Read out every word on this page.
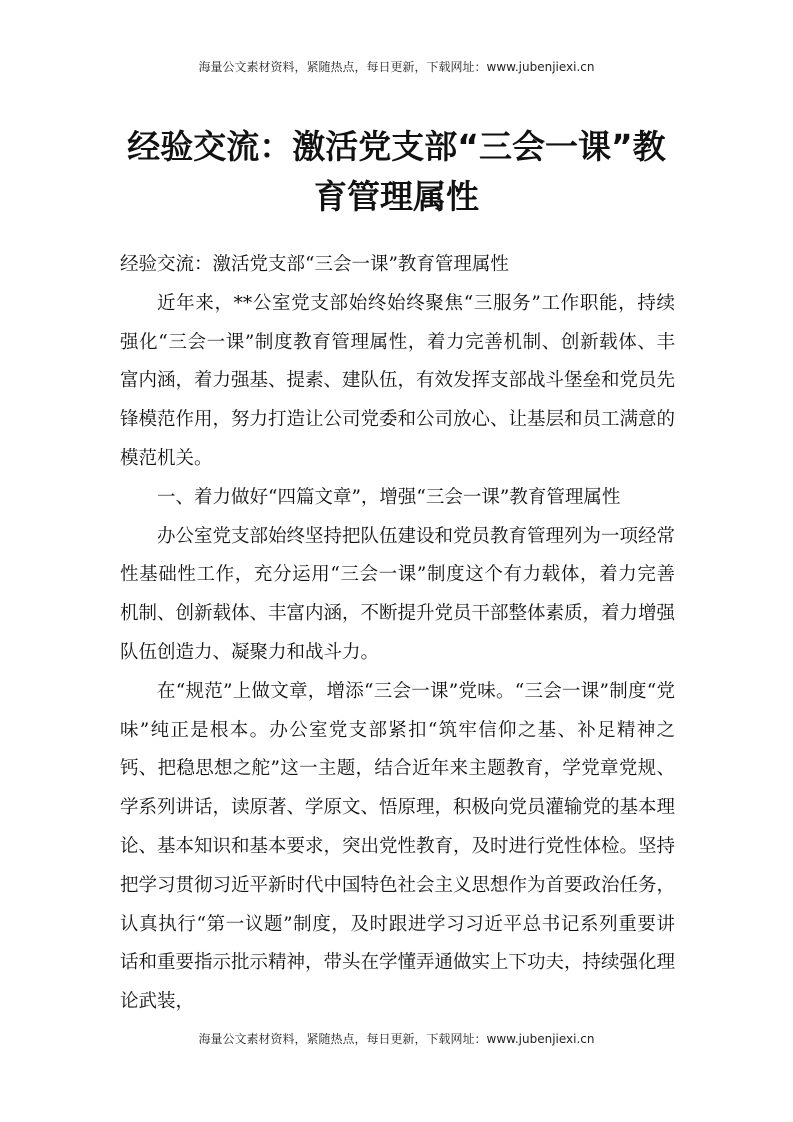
海量公文素材资料，紧随热点，每日更新，下载网址：www.jubenjiexi.cn
经验交流：激活党支部“三会一课”教育管理属性

经验交流：激活党支部“三会一课”教育管理属性

近年来，**公室党支部始终始终聚焦“三服务”工作职能，持续强化“三会一课”制度教育管理属性，着力完善机制、创新载体、丰富内涵，着力强基、提素、建队伍，有效发挥支部战斗堡垒和党员先锋模范作用，努力打造让公司党委和公司放心、让基层和员工满意的模范机关。

一、着力做好“四篇文章”，增强“三会一课”教育管理属性

办公室党支部始终坚持把队伍建设和党员教育管理列为一项经常性基础性工作，充分运用“三会一课”制度这个有力载体，着力完善机制、创新载体、丰富内涵，不断提升党员干部整体素质，着力增强队伍创造力、凝聚力和战斗力。

在“规范”上做文章，增添“三会一课”党味。“三会一课”制度“党味”纯正是根本。办公室党支部紧扣“筑牢信仰之基、补足精神之钙、把稳思想之舵”这一主题，结合近年来主题教育，学党章党规、学系列讲话，读原著、学原文、悟原理，积极向党员灌输党的基本理论、基本知识和基本要求，突出党性教育，及时进行党性体检。坚持把学习贯彻习近平新时代中国特色社会主义思想作为首要政治任务，认真执行“第一议题”制度，及时跟进学习习近平总书记系列重要讲话和重要指示批示精神，带头在学懂弄通做实上下功夫，持续强化理论武装，

海量公文素材资料，紧随热点，每日更新，下载网址：www.jubenjiexi.cn
